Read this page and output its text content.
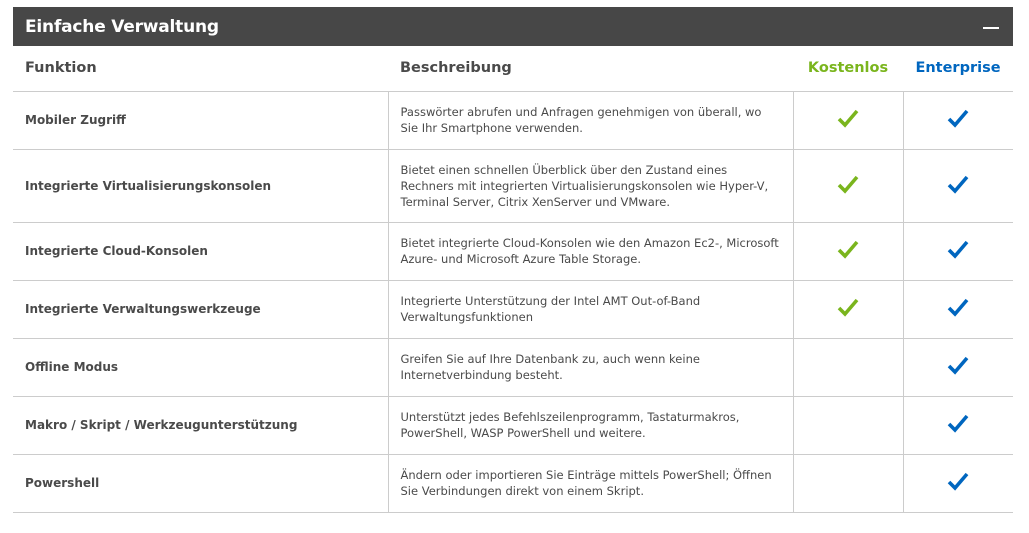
Einfache Verwaltung
Funktion	Beschreibung	Kostenlos	Enterprise
Mobiler Zugriff	Passwörter abrufen und Anfragen genehmigen von überall, wo Sie Ihr Smartphone verwenden.		
Integrierte Virtualisierungskonsolen	Bietet einen schnellen Überblick über den Zustand eines Rechners mit integrierten Virtualisierungskonsolen wie Hyper-V, Terminal Server, Citrix XenServer und VMware.		
Integrierte Cloud-Konsolen	Bietet integrierte Cloud-Konsolen wie den Amazon Ec2-, Microsoft Azure- und Microsoft Azure Table Storage.		
Integrierte Verwaltungswerkzeuge	Integrierte Unterstützung der Intel AMT Out-of-Band Verwaltungsfunktionen		
Offline Modus	Greifen Sie auf Ihre Datenbank zu, auch wenn keine Internetverbindung besteht.		
Makro / Skript / Werkzeugunterstützung	Unterstützt jedes Befehlszeilenprogramm, Tastaturmakros, PowerShell, WASP PowerShell und weitere.		
Powershell	Ändern oder importieren Sie Einträge mittels PowerShell; Öffnen Sie Verbindungen direkt von einem Skript.		
